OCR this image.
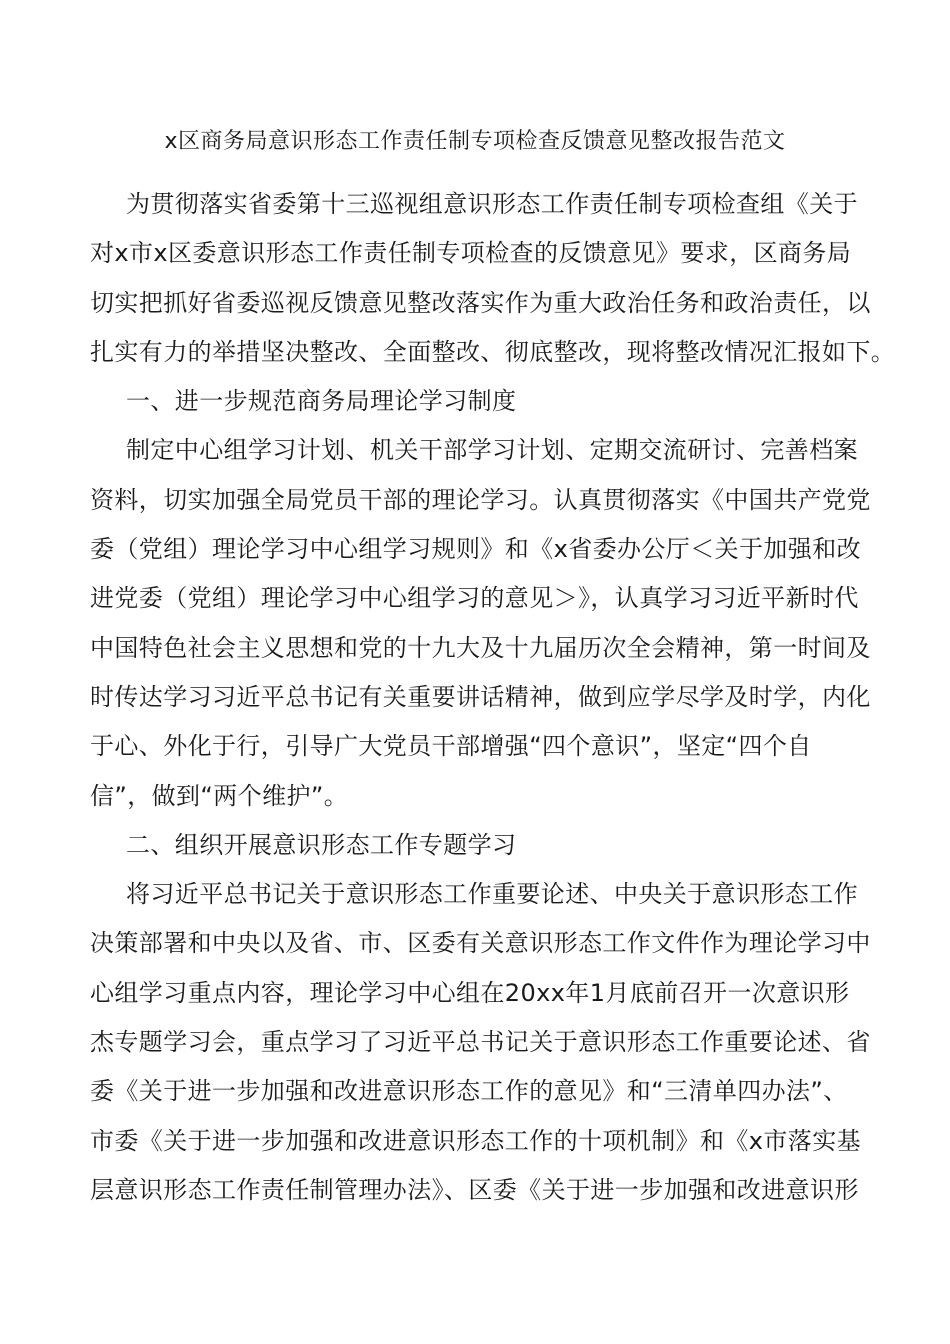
x区商务局意识形态工作责任制专项检查反馈意见整改报告范文
为贯彻落实省委第十三巡视组意识形态工作责任制专项检查组《关于
对x市x区委意识形态工作责任制专项检查的反馈意见》要求，区商务局
切实把抓好省委巡视反馈意见整改落实作为重大政治任务和政治责任，以
扎实有力的举措坚决整改、全面整改、彻底整改，现将整改情况汇报如下。
一、进一步规范商务局理论学习制度
制定中心组学习计划、机关干部学习计划、定期交流研讨、完善档案
资料，切实加强全局党员干部的理论学习。认真贯彻落实《中国共产党党
委（党组）理论学习中心组学习规则》和《x省委办公厅＜关于加强和改
进党委（党组）理论学习中心组学习的意见＞》，认真学习习近平新时代
中国特色社会主义思想和党的十九大及十九届历次全会精神，第一时间及
时传达学习习近平总书记有关重要讲话精神，做到应学尽学及时学，内化
于心、外化于行，引导广大党员干部增强“四个意识”，坚定“四个自
信”，做到“两个维护”。
二、组织开展意识形态工作专题学习
将习近平总书记关于意识形态工作重要论述、中央关于意识形态工作
决策部署和中央以及省、市、区委有关意识形态工作文件作为理论学习中
心组学习重点内容，理论学习中心组在20xx年1月底前召开一次意识形
杰专题学习会，重点学习了习近平总书记关于意识形态工作重要论述、省
委《关于进一步加强和改进意识形态工作的意见》和“三清单四办法”、
市委《关于进一步加强和改进意识形态工作的十项机制》和《x市落实基
层意识形态工作责任制管理办法》、区委《关于进一步加强和改进意识形
